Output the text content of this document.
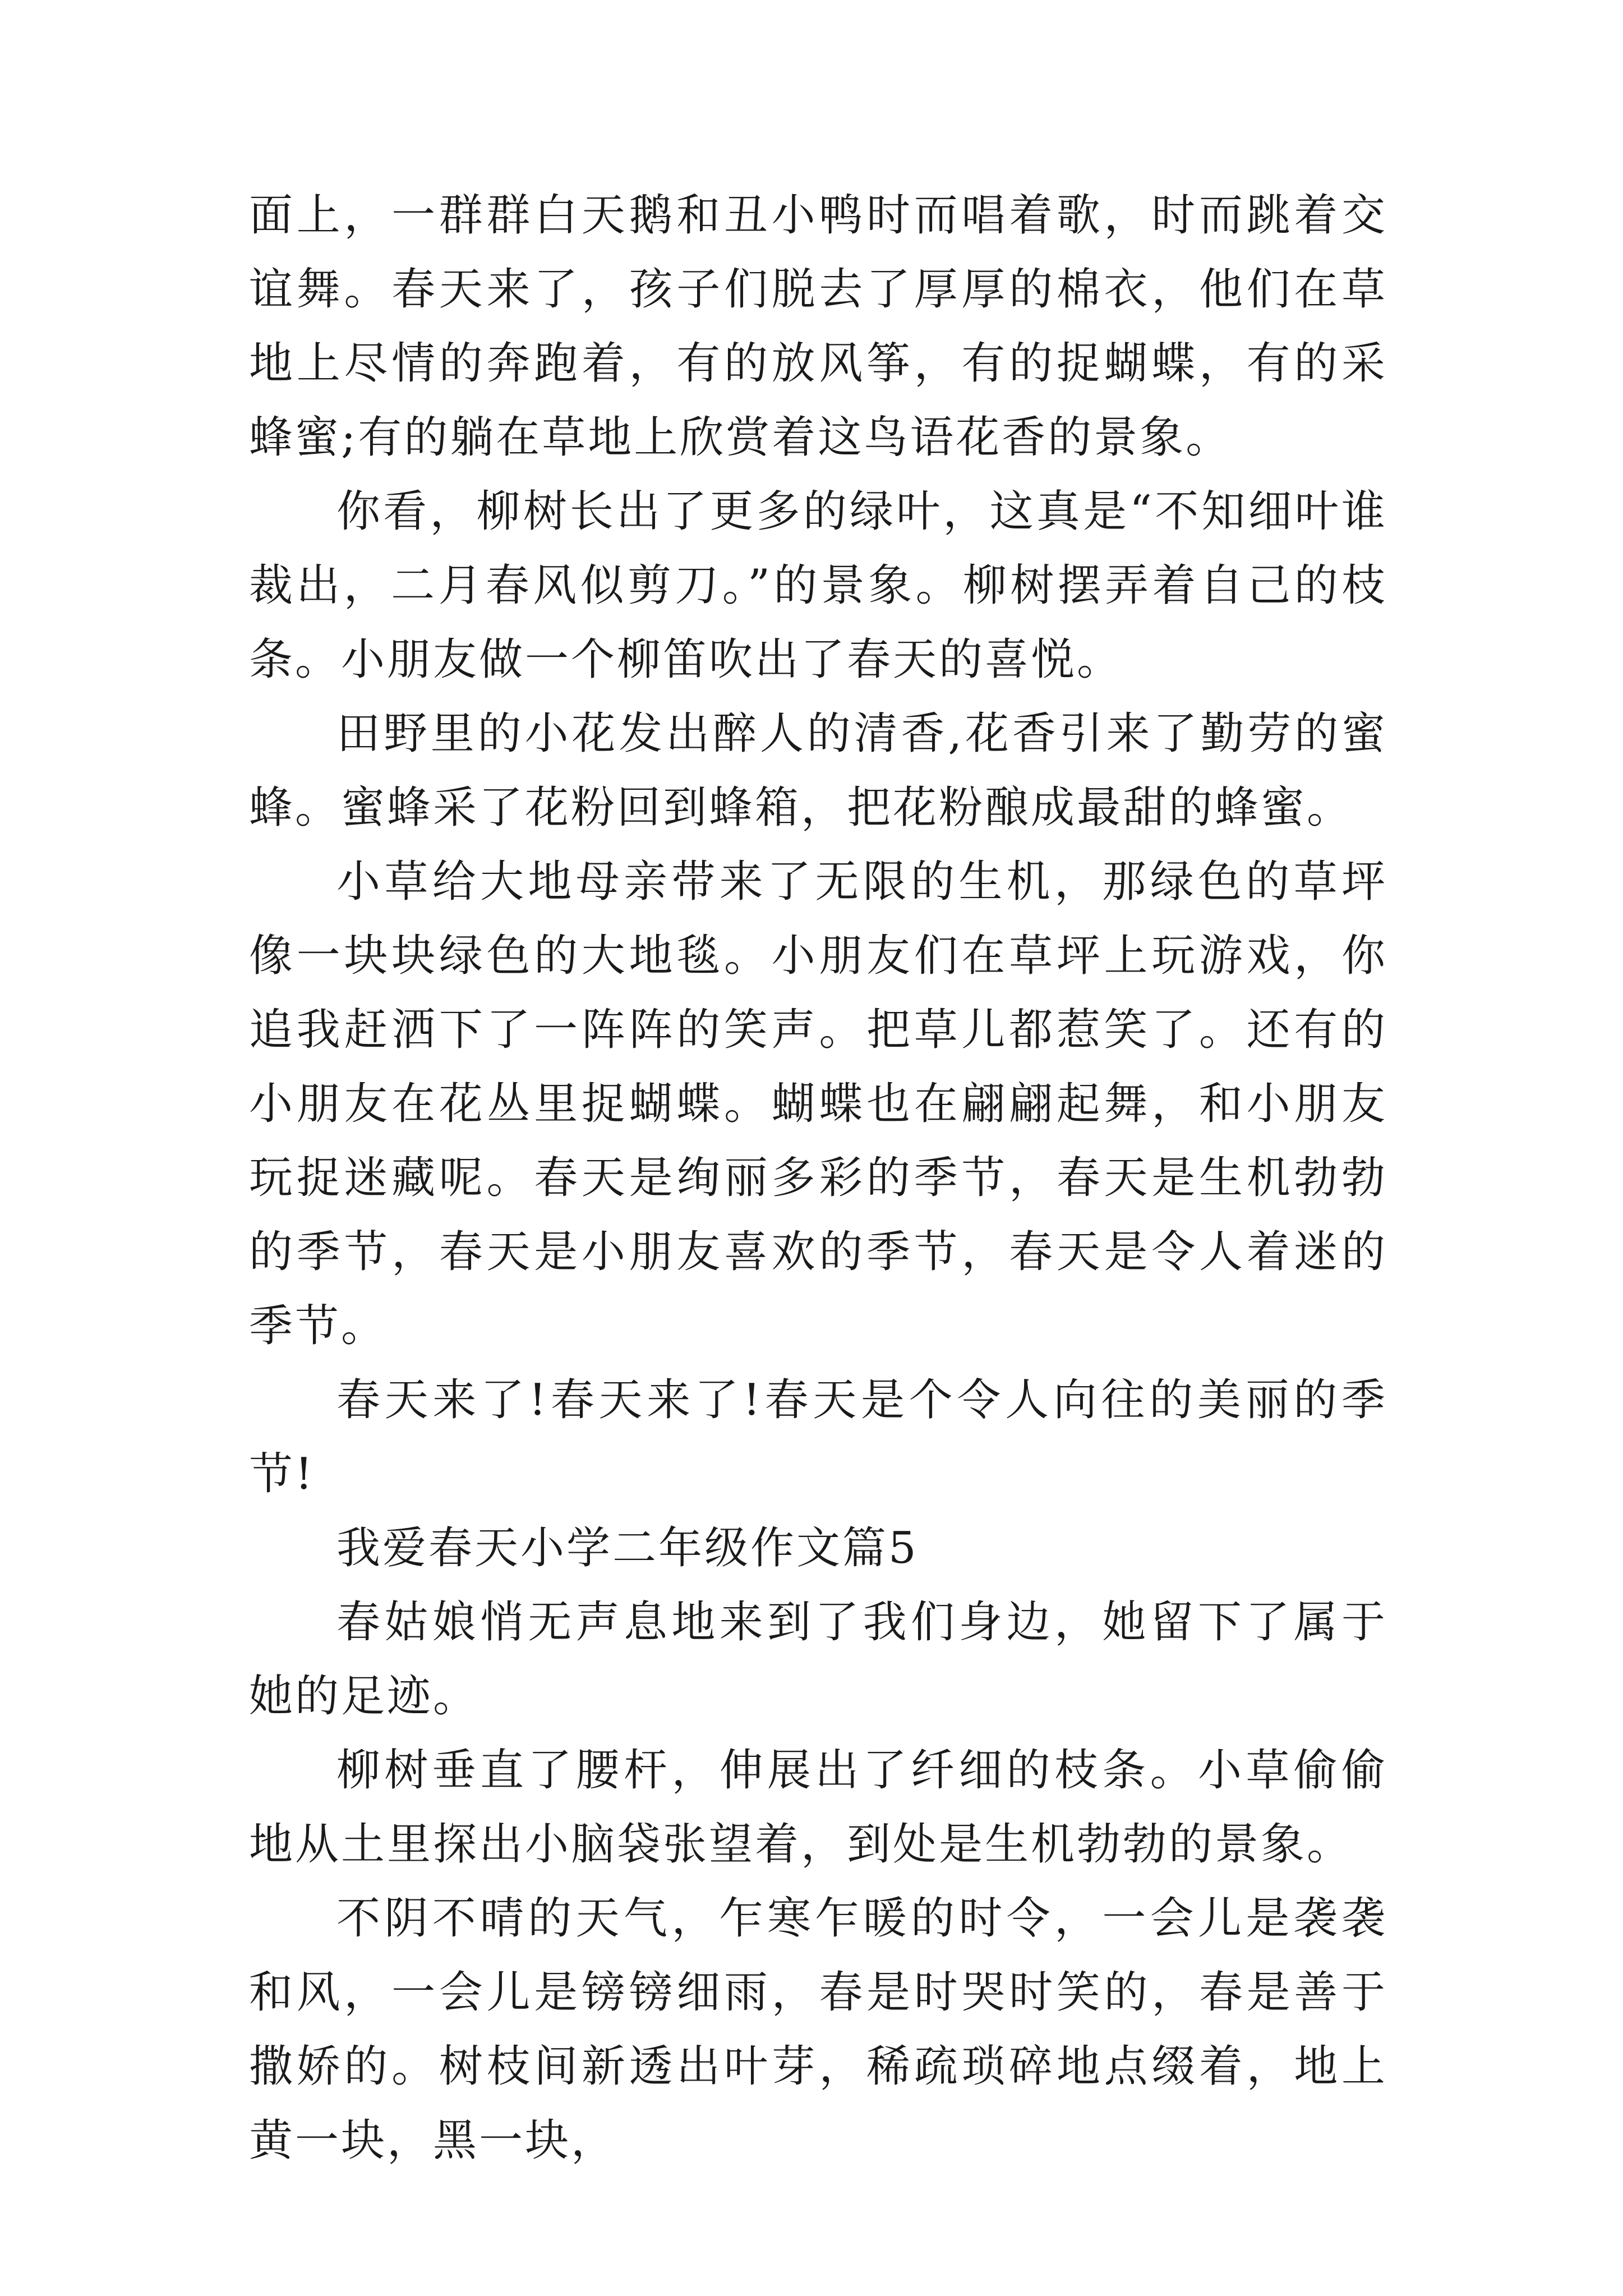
面上，一群群白天鹅和丑小鸭时而唱着歌，时而跳着交谊舞。春天来了，孩子们脱去了厚厚的棉衣，他们在草地上尽情的奔跑着，有的放风筝，有的捉蝴蝶，有的采蜂蜜;有的躺在草地上欣赏着这鸟语花香的景象。

你看，柳树长出了更多的绿叶，这真是“不知细叶谁裁出，二月春风似剪刀。”的景象。柳树摆弄着自己的枝条。小朋友做一个柳笛吹出了春天的喜悦。

田野里的小花发出醉人的清香,花香引来了勤劳的蜜蜂。蜜蜂采了花粉回到蜂箱，把花粉酿成最甜的蜂蜜。

小草给大地母亲带来了无限的生机，那绿色的草坪像一块块绿色的大地毯。小朋友们在草坪上玩游戏，你追我赶洒下了一阵阵的笑声。把草儿都惹笑了。还有的小朋友在花丛里捉蝴蝶。蝴蝶也在翩翩起舞，和小朋友玩捉迷藏呢。春天是绚丽多彩的季节，春天是生机勃勃的季节，春天是小朋友喜欢的季节，春天是令人着迷的季节。

春天来了!春天来了!春天是个令人向往的美丽的季节!

我爱春天小学二年级作文篇5

春姑娘悄无声息地来到了我们身边，她留下了属于她的足迹。

柳树垂直了腰杆，伸展出了纤细的枝条。小草偷偷地从土里探出小脑袋张望着，到处是生机勃勃的景象。

不阴不晴的天气，乍寒乍暖的时令，一会儿是袭袭和风，一会儿是镑镑细雨，春是时哭时笑的，春是善于撒娇的。树枝间新透出叶芽，稀疏琐碎地点缀着，地上黄一块，黑一块，
